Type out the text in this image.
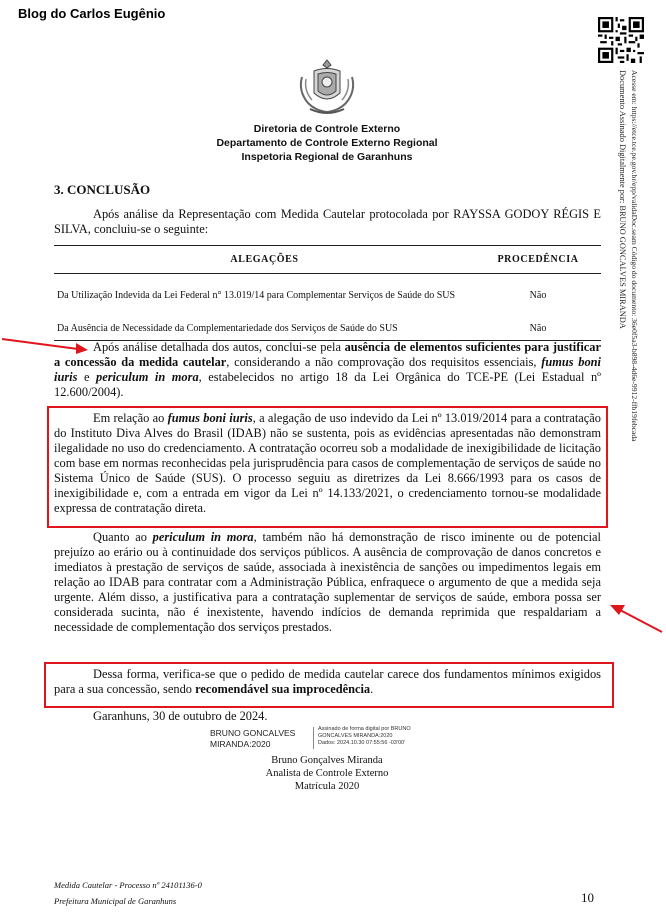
Blog do Carlos Eugênio
Documento Assinado Digitalmente por: BRUNO GONCALVES MIRANDA Acesse em: https://etce.tce.pe.gov.br/epp/validaDoc.seam Código do documento: 36e0f5a3-b898-4d6e-9912-ffb19febcada
Diretoria de Controle Externo
Departamento de Controle Externo Regional
Inspetoria Regional de Garanhuns
3. CONCLUSÃO

Após análise da Representação com Medida Cautelar protocolada por RAYSSA GODOY RÉGIS E SILVA, concluiu-se o seguinte:

ALEGAÇÕES	PROCEDÊNCIA
Da Utilização Indevida da Lei Federal n° 13.019/14 para Complementar Serviços de Saúde do SUS	Não
Da Ausência de Necessidade da Complementariedade dos Serviços de Saúde do SUS	Não

Após análise detalhada dos autos, conclui-se pela ausência de elementos suficientes para justificar a concessão da medida cautelar, considerando a não comprovação dos requisitos essenciais, fumus boni iuris e periculum in mora, estabelecidos no artigo 18 da Lei Orgânica do TCE-PE (Lei Estadual nº 12.600/2004).

Em relação ao fumus boni iuris, a alegação de uso indevido da Lei nº 13.019/2014 para a contratação do Instituto Diva Alves do Brasil (IDAB) não se sustenta, pois as evidências apresentadas não demonstram ilegalidade no uso do credenciamento. A contratação ocorreu sob a modalidade de inexigibilidade de licitação com base em normas reconhecidas pela jurisprudência para casos de complementação de serviços de saúde no Sistema Único de Saúde (SUS). O processo seguiu as diretrizes da Lei 8.666/1993 para os casos de inexigibilidade e, com a entrada em vigor da Lei nº 14.133/2021, o credenciamento tornou-se modalidade expressa de contratação direta.

Quanto ao periculum in mora, também não há demonstração de risco iminente ou de potencial prejuízo ao erário ou à continuidade dos serviços públicos. A ausência de comprovação de danos concretos e imediatos à prestação de serviços de saúde, associada à inexistência de sanções ou impedimentos legais em relação ao IDAB para contratar com a Administração Pública, enfraquece o argumento de que a medida seja urgente. Além disso, a justificativa para a contratação suplementar de serviços de saúde, embora possa ser considerada sucinta, não é inexistente, havendo indícios de demanda reprimida que respaldariam a necessidade de complementação dos serviços prestados.

Dessa forma, verifica-se que o pedido de medida cautelar carece dos fundamentos mínimos exigidos para a sua concessão, sendo recomendável sua improcedência.

Garanhuns, 30 de outubro de 2024.
BRUNO GONCALVES
MIRANDA:2020
Assinado de forma digital por BRUNO
GONCALVES MIRANDA:2020
Dados: 2024.10.30 07:55:56 -03'00'
Bruno Gonçalves Miranda
Analista de Controle Externo
Matrícula 2020
Medida Cautelar - Processo nº 24101136-0
Prefeitura Municipal de Garanhuns	10
